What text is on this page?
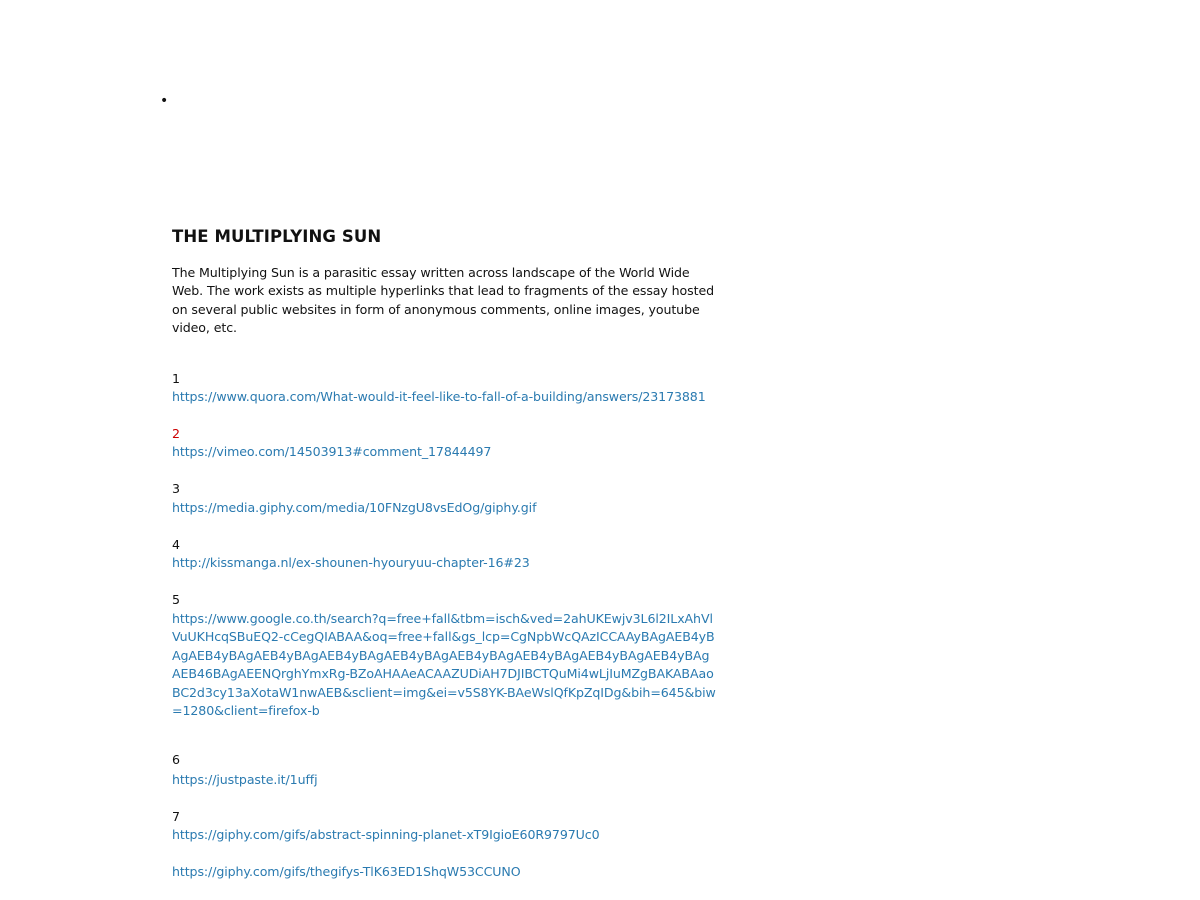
•
THE MULTIPLYING SUN

The Multiplying Sun is a parasitic essay written across landscape of the World Wide Web. The work exists as multiple hyperlinks that lead to fragments of the essay hosted on several public websites in form of anonymous comments, online images, youtube video, etc.

1
https://www.quora.com/What-would-it-feel-like-to-fall-of-a-building/answers/23173881
2
https://vimeo.com/14503913#comment_17844497
3
https://media.giphy.com/media/10FNzgU8vsEdOg/giphy.gif
4
http://kissmanga.nl/ex-shounen-hyouryuu-chapter-16#23
5
https://www.google.co.th/search?q=free+fall&tbm=isch&ved=2ahUKEwjv3L6l2ILxAhVlVuUKHcqSBuEQ2-cCegQIABAA&oq=free+fall&gs_lcp=CgNpbWcQAzICCAAyBAgAEB4yBAgAEB4yBAgAEB4yBAgAEB4yBAgAEB4yBAgAEB4yBAgAEB4yBAgAEB4yBAgAEB4yBAgAEB46BAgAEENQrghYmxRg-BZoAHAAeACAAZUDiAH7DJIBCTQuMi4wLjIuMZgBAKABAaoBC2d3cy13aXotaW1nwAEB&sclient=img&ei=v5S8YK-BAeWslQfKpZqIDg&bih=645&biw=1280&client=firefox-b
6
https://justpaste.it/1uffj
7
https://giphy.com/gifs/abstract-spinning-planet-xT9IgioE60R9797Uc0
https://giphy.com/gifs/thegifys-TlK63ED1ShqW53CCUNO
